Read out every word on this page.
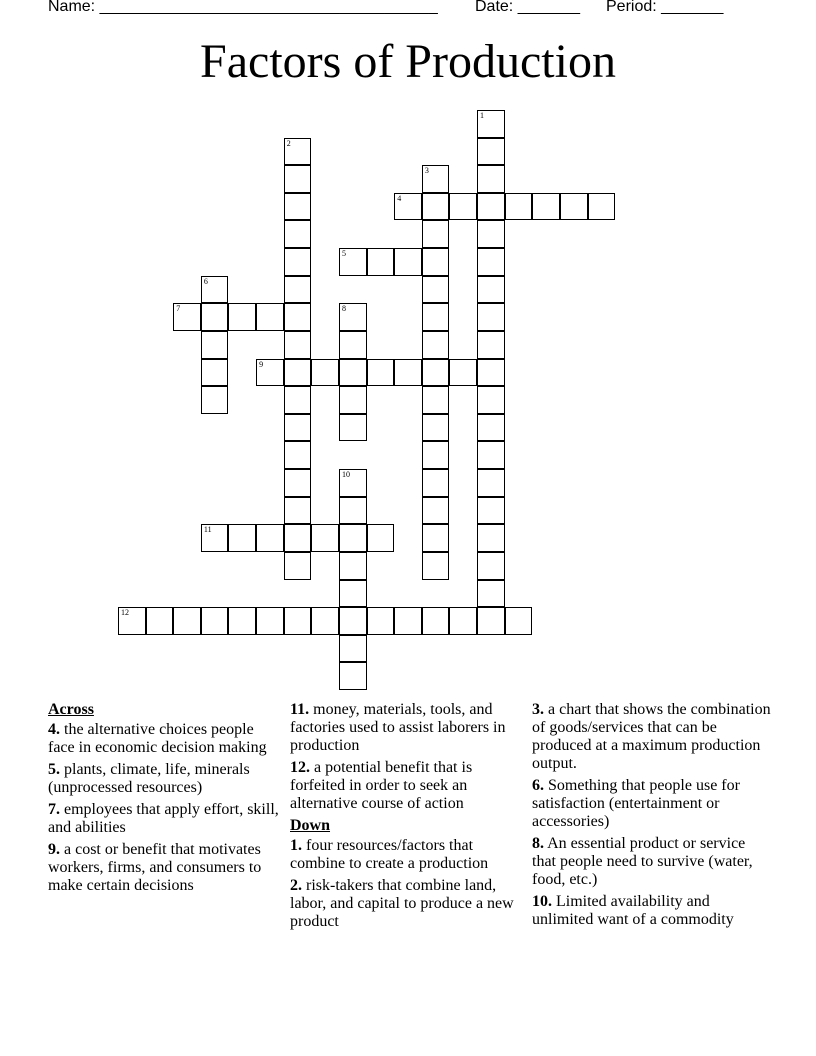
Name: ______________________________________ Date: _______ Period: _______
Factors of Production
1
2
3
4
5
6
7	8
9
10
11
12
Across
4. the alternative choices people face in economic decision making
5. plants, climate, life, minerals (unprocessed resources)
7. employees that apply effort, skill, and abilities
9. a cost or benefit that motivates workers, firms, and consumers to make certain decisions
11. money, materials, tools, and factories used to assist laborers in production
12. a potential benefit that is forfeited in order to seek an alternative course of action
Down
1. four resources/factors that combine to create a production
2. risk-takers that combine land, labor, and capital to produce a new product
3. a chart that shows the combination of goods/services that can be produced at a maximum production output.
6. Something that people use for satisfaction (entertainment or accessories)
8. An essential product or service that people need to survive (water, food, etc.)
10. Limited availability and unlimited want of a commodity
